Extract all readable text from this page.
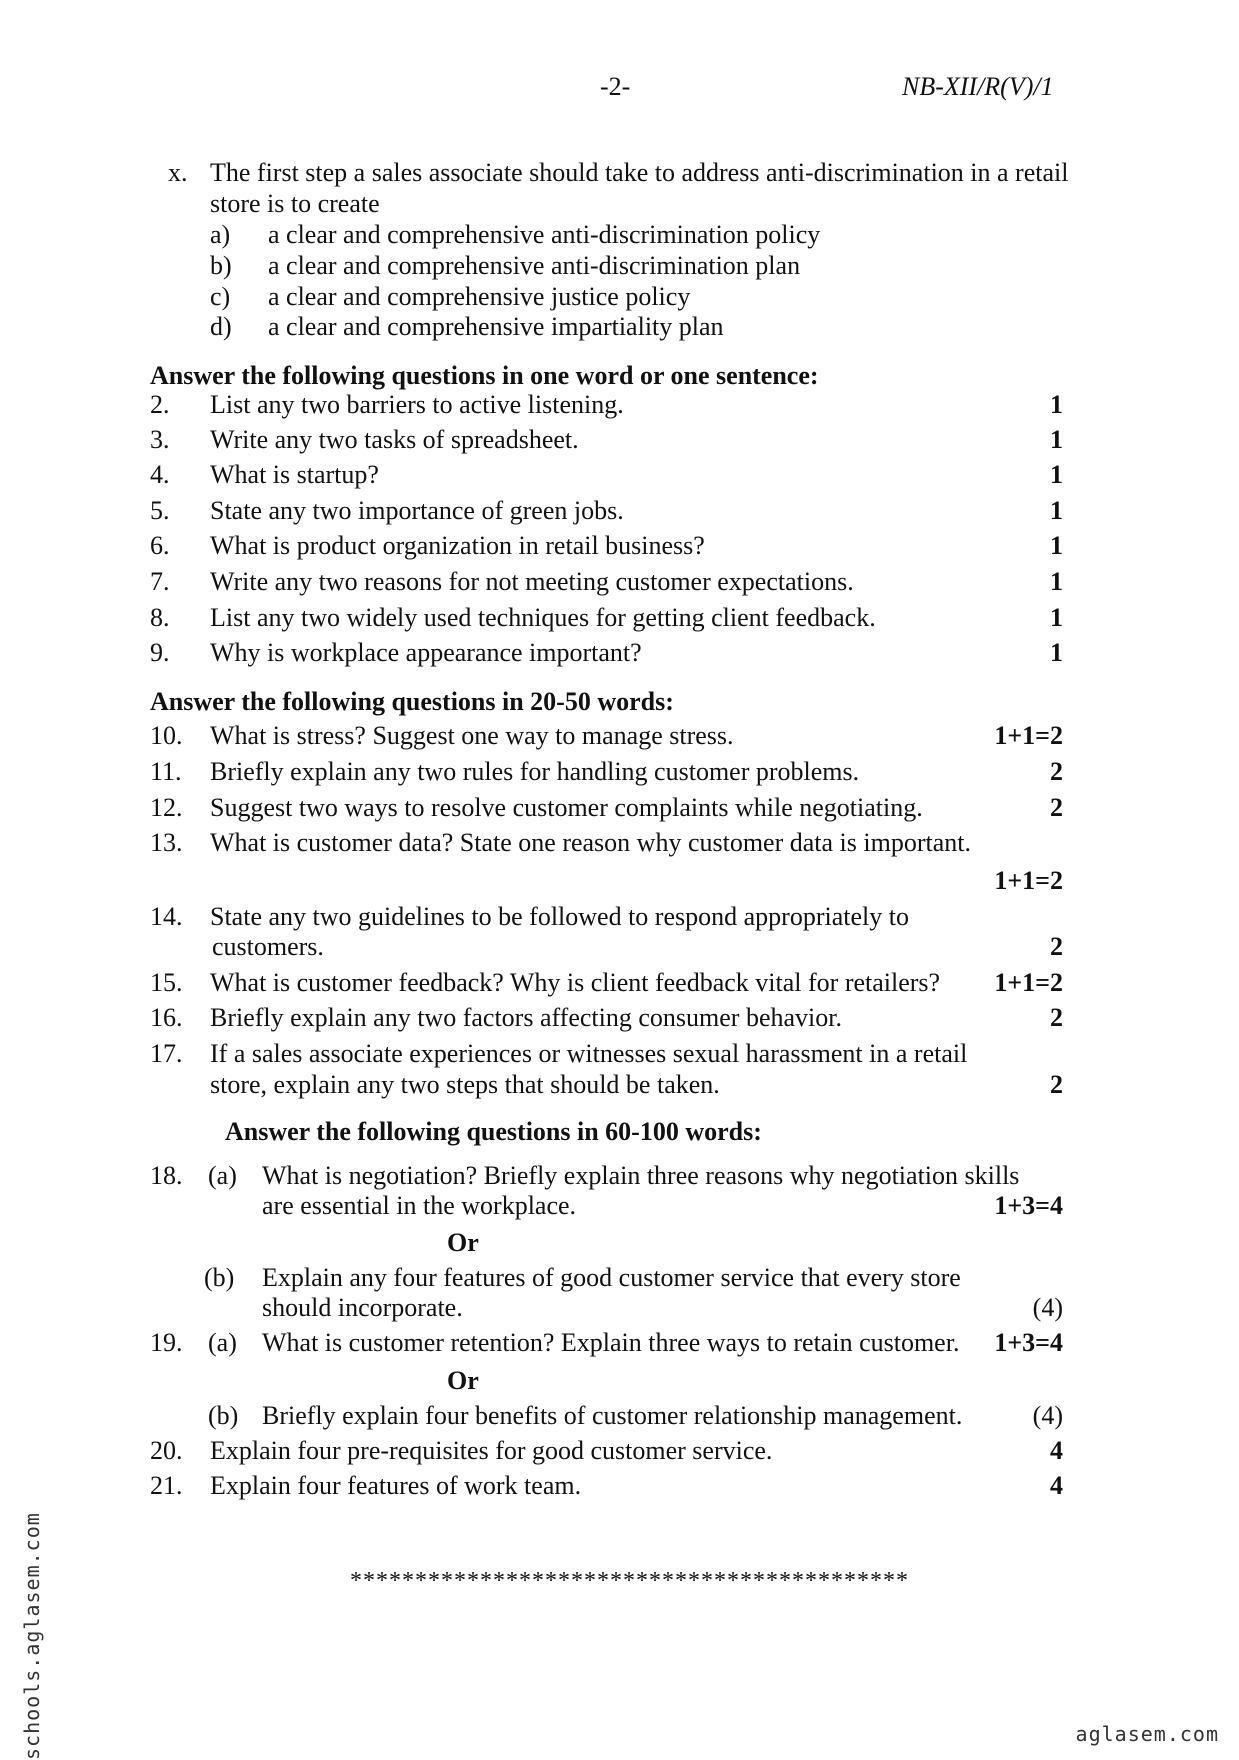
-2-	NB-XII/R(V)/1
x. The first step a sales associate should take to address anti-discrimination in a retail
store is to create
a) a clear and comprehensive anti-discrimination policy
b) a clear and comprehensive anti-discrimination plan
c) a clear and comprehensive justice policy
d) a clear and comprehensive impartiality plan
Answer the following questions in one word or one sentence:
2. List any two barriers to active listening.	1
3. Write any two tasks of spreadsheet.	1
4. What is startup?	1
5. State any two importance of green jobs.	1
6. What is product organization in retail business?	1
7. Write any two reasons for not meeting customer expectations.	1
8. List any two widely used techniques for getting client feedback.	1
9. Why is workplace appearance important?	1
Answer the following questions in 20-50 words:
10. What is stress? Suggest one way to manage stress.	1+1=2
11. Briefly explain any two rules for handling customer problems.	2
12. Suggest two ways to resolve customer complaints while negotiating.	2
13. What is customer data? State one reason why customer data is important.
1+1=2
14. State any two guidelines to be followed to respond appropriately to
customers.	2
15. What is customer feedback? Why is client feedback vital for retailers? 1+1=2
16. Briefly explain any two factors affecting consumer behavior.	2
17. If a sales associate experiences or witnesses sexual harassment in a retail
store, explain any two steps that should be taken.	2
Answer the following questions in 60-100 words:
18. (a) What is negotiation? Briefly explain three reasons why negotiation skills
are essential in the workplace.	1+3=4
Or
(b) Explain any four features of good customer service that every store
should incorporate.	(4)
19. (a) What is customer retention? Explain three ways to retain customer. 1+3=4
Or
(b) Briefly explain four benefits of customer relationship management.	(4)
20. Explain four pre-requisites for good customer service.	4
21. Explain four features of work team.	4
*******************************************
schools.aglasem.com	aglasem.com
